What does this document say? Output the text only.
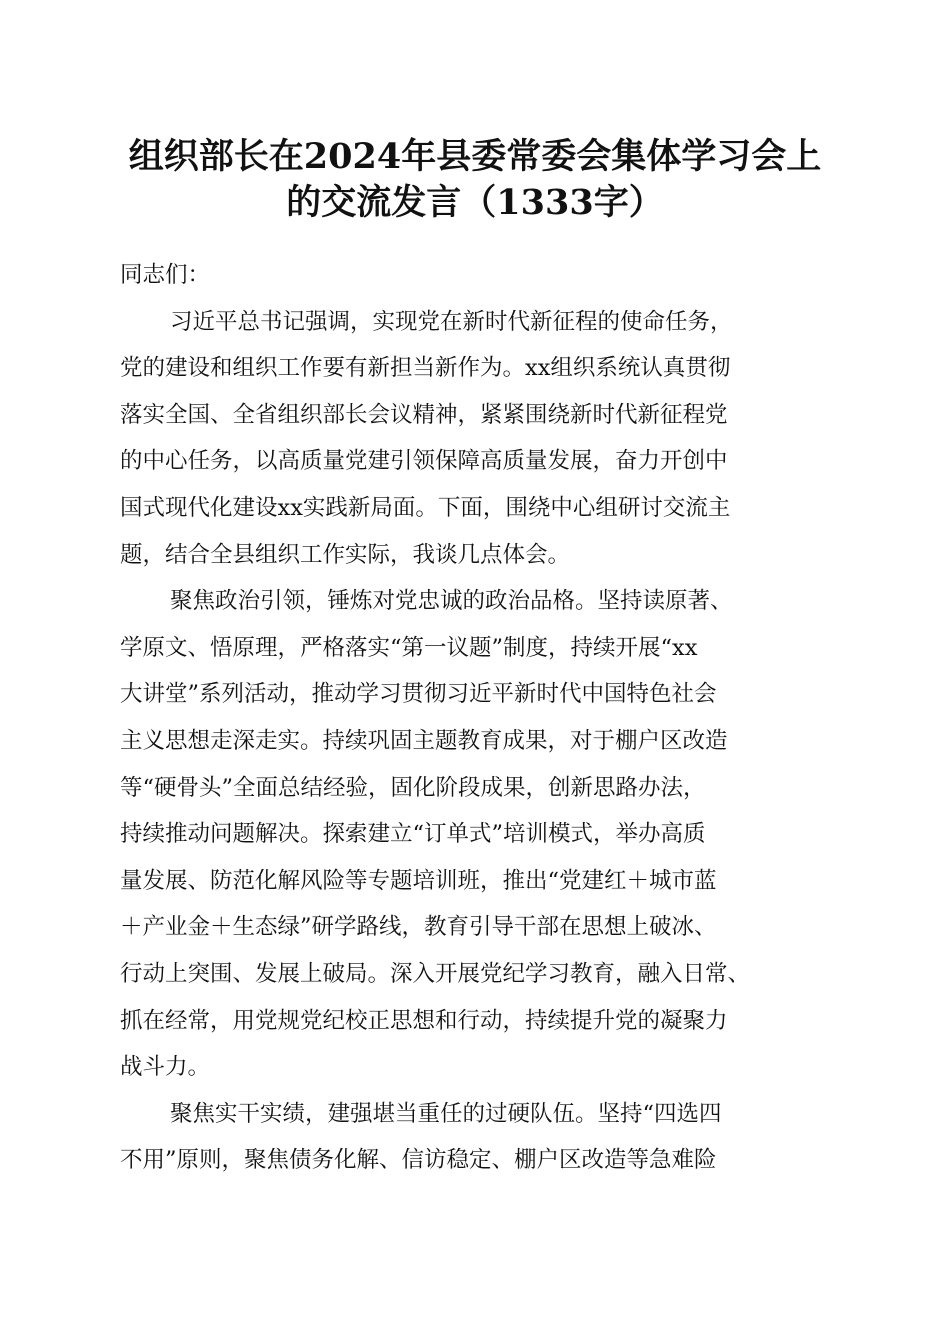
组织部长在2024年县委常委会集体学习会上
的交流发言（1333字）

同志们：

习近平总书记强调，实现党在新时代新征程的使命任务，
党的建设和组织工作要有新担当新作为。xx组织系统认真贯彻
落实全国、全省组织部长会议精神，紧紧围绕新时代新征程党
的中心任务，以高质量党建引领保障高质量发展，奋力开创中
国式现代化建设xx实践新局面。下面，围绕中心组研讨交流主
题，结合全县组织工作实际，我谈几点体会。

聚焦政治引领，锤炼对党忠诚的政治品格。坚持读原著、
学原文、悟原理，严格落实“第一议题”制度，持续开展“xx
大讲堂”系列活动，推动学习贯彻习近平新时代中国特色社会
主义思想走深走实。持续巩固主题教育成果，对于棚户区改造
等“硬骨头”全面总结经验，固化阶段成果，创新思路办法，
持续推动问题解决。探索建立“订单式”培训模式，举办高质
量发展、防范化解风险等专题培训班，推出“党建红＋城市蓝
＋产业金＋生态绿”研学路线，教育引导干部在思想上破冰、
行动上突围、发展上破局。深入开展党纪学习教育，融入日常、
抓在经常，用党规党纪校正思想和行动，持续提升党的凝聚力
战斗力。

聚焦实干实绩，建强堪当重任的过硬队伍。坚持“四选四
不用”原则，聚焦债务化解、信访稳定、棚户区改造等急难险
